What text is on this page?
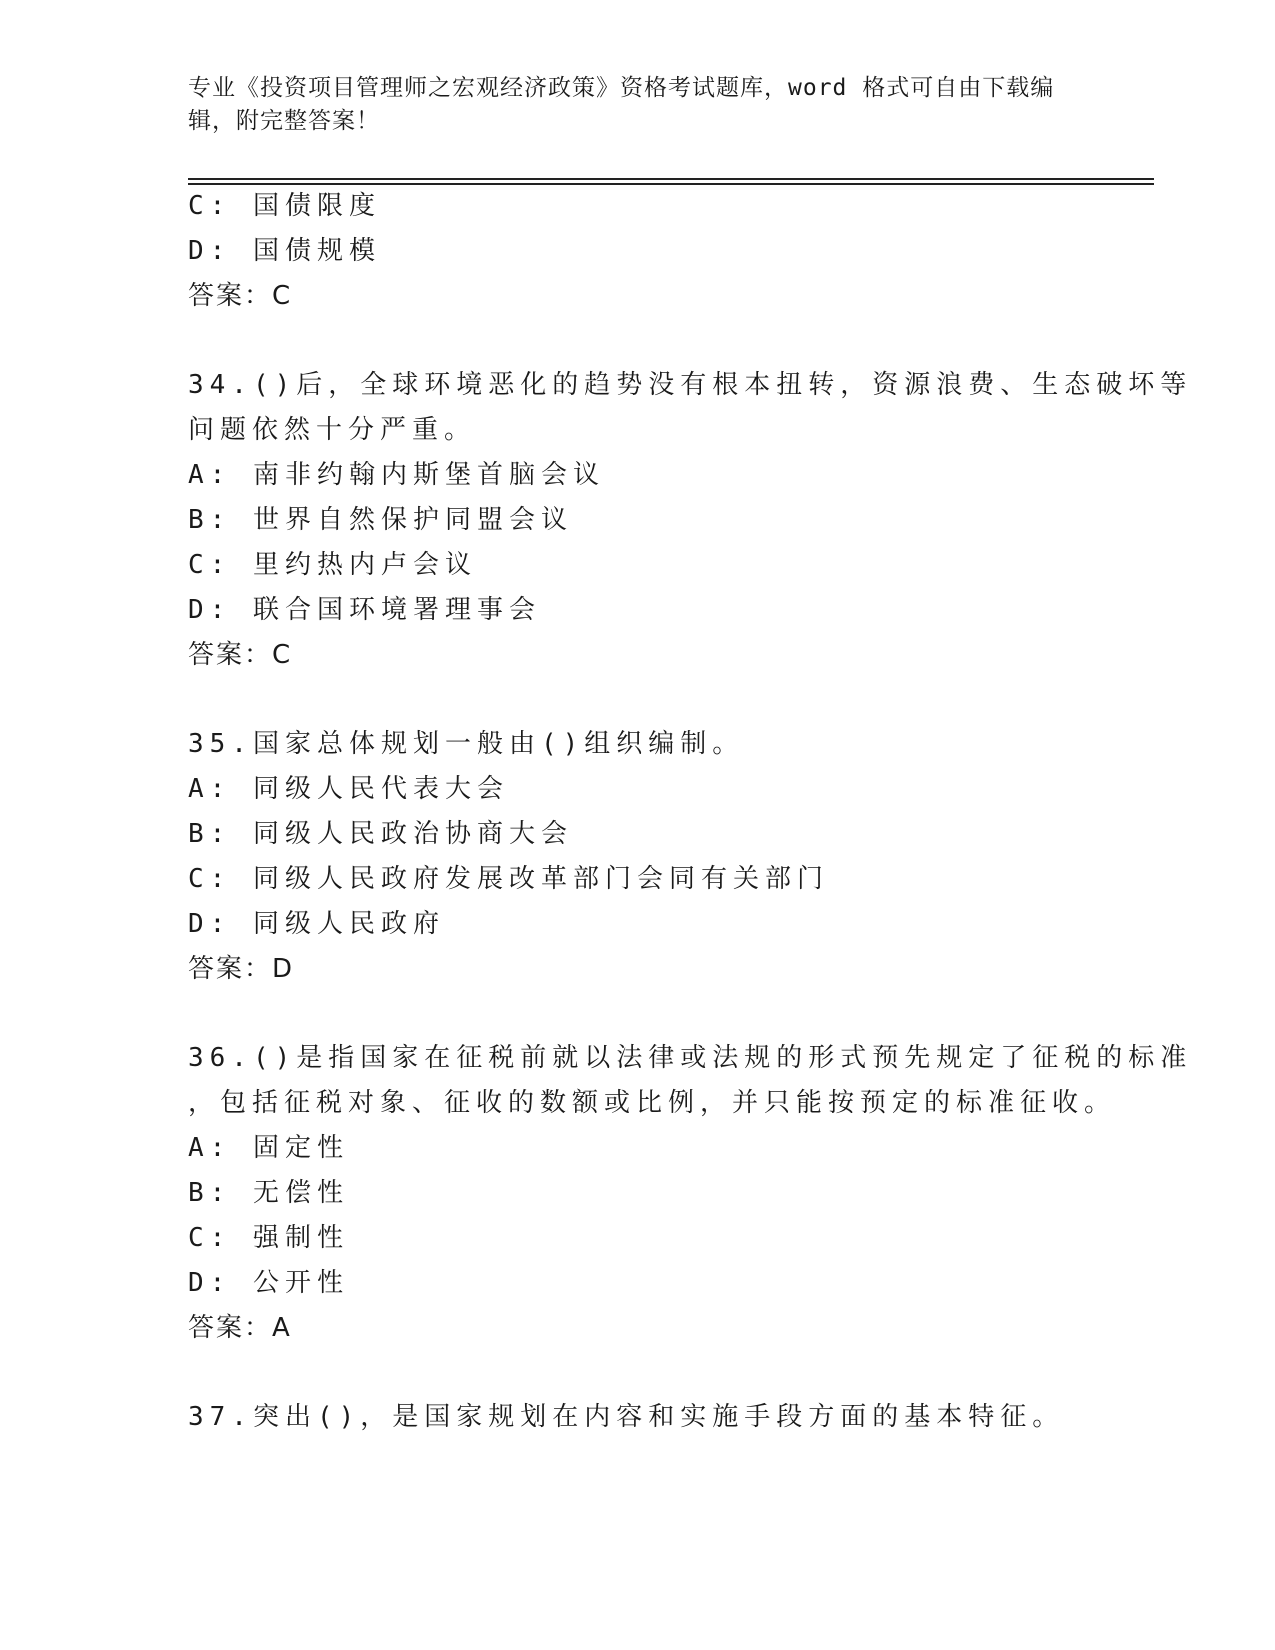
专业《投资项目管理师之宏观经济政策》资格考试题库，word 格式可自由下载编
辑，附完整答案！
C: 国债限度
D: 国债规模
答案：C
34.()后，全球环境恶化的趋势没有根本扭转，资源浪费、生态破坏等
问题依然十分严重。
A: 南非约翰内斯堡首脑会议
B: 世界自然保护同盟会议
C: 里约热内卢会议
D: 联合国环境署理事会
答案：C
35.国家总体规划一般由()组织编制。
A: 同级人民代表大会
B: 同级人民政治协商大会
C: 同级人民政府发展改革部门会同有关部门
D: 同级人民政府
答案：D
36.()是指国家在征税前就以法律或法规的形式预先规定了征税的标准
，包括征税对象、征收的数额或比例，并只能按预定的标准征收。
A: 固定性
B: 无偿性
C: 强制性
D: 公开性
答案：A
37.突出()，是国家规划在内容和实施手段方面的基本特征。
